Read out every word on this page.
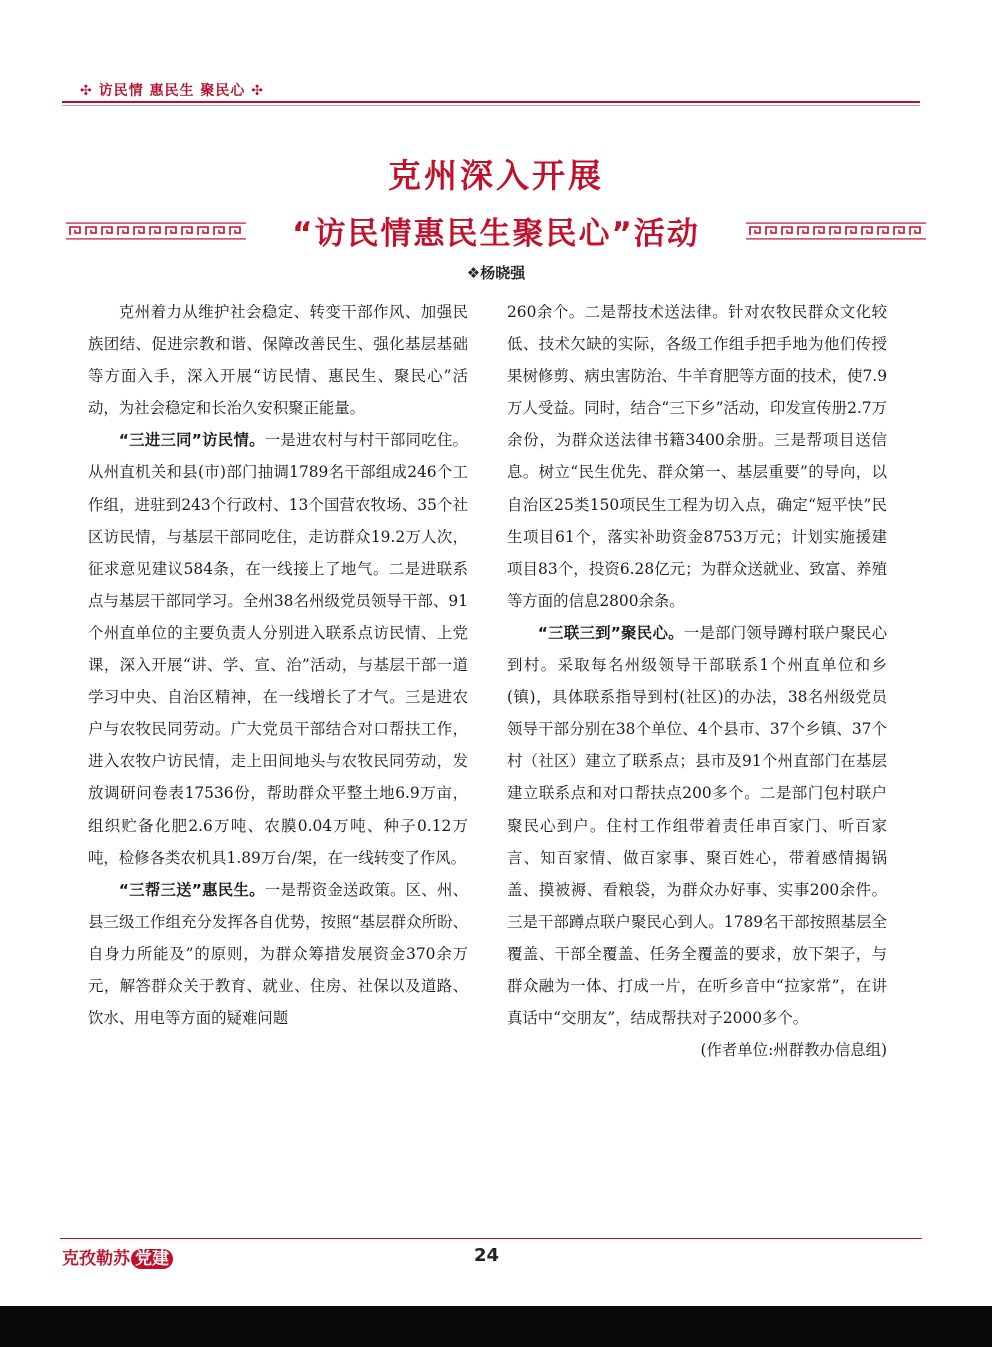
✣ 访民情 惠民生 聚民心 ✣
克州深入开展
“访民情惠民生聚民心”活动
❖杨晓强

克州着力从维护社会稳定、转变干部作风、加强民族团结、促进宗教和谐、保障改善民生、强化基层基础等方面入手，深入开展“访民情、惠民生、聚民心”活动，为社会稳定和长治久安积聚正能量。

“三进三同”访民情。一是进农村与村干部同吃住。从州直机关和县(市)部门抽调1789名干部组成246个工作组，进驻到243个行政村、13个国营农牧场、35个社区访民情，与基层干部同吃住，走访群众19.2万人次，征求意见建议584条，在一线接上了地气。二是进联系点与基层干部同学习。全州38名州级党员领导干部、91个州直单位的主要负责人分别进入联系点访民情、上党课，深入开展“讲、学、宣、治”活动，与基层干部一道学习中央、自治区精神，在一线增长了才气。三是进农户与农牧民同劳动。广大党员干部结合对口帮扶工作，进入农牧户访民情，走上田间地头与农牧民同劳动，发放调研问卷表17536份，帮助群众平整土地6.9万亩，组织贮备化肥2.6万吨、农膜0.04万吨、种子0.12万吨，检修各类农机具1.89万台/架，在一线转变了作风。

“三帮三送”惠民生。一是帮资金送政策。区、州、县三级工作组充分发挥各自优势，按照“基层群众所盼、自身力所能及”的原则，为群众筹措发展资金370余万元，解答群众关于教育、就业、住房、社保以及道路、饮水、用电等方面的疑难问题

260余个。二是帮技术送法律。针对农牧民群众文化较低、技术欠缺的实际，各级工作组手把手地为他们传授果树修剪、病虫害防治、牛羊育肥等方面的技术，使7.9万人受益。同时，结合“三下乡”活动，印发宣传册2.7万余份，为群众送法律书籍3400余册。三是帮项目送信息。树立“民生优先、群众第一、基层重要”的导向，以自治区25类150项民生工程为切入点，确定“短平快”民生项目61个，落实补助资金8753万元；计划实施援建项目83个，投资6.28亿元；为群众送就业、致富、养殖等方面的信息2800余条。

“三联三到”聚民心。一是部门领导蹲村联户聚民心到村。采取每名州级领导干部联系1个州直单位和乡(镇)，具体联系指导到村(社区)的办法，38名州级党员领导干部分别在38个单位、4个县市、37个乡镇、37个村（社区）建立了联系点；县市及91个州直部门在基层建立联系点和对口帮扶点200多个。二是部门包村联户聚民心到户。住村工作组带着责任串百家门、听百家言、知百家情、做百家事、聚百姓心，带着感情揭锅盖、摸被褥、看粮袋，为群众办好事、实事200余件。三是干部蹲点联户聚民心到人。1789名干部按照基层全覆盖、干部全覆盖、任务全覆盖的要求，放下架子，与群众融为一体、打成一片，在听乡音中“拉家常”，在讲真话中“交朋友”，结成帮扶对子2000多个。
(作者单位:州群教办信息组)

克孜勒苏 党建	24
